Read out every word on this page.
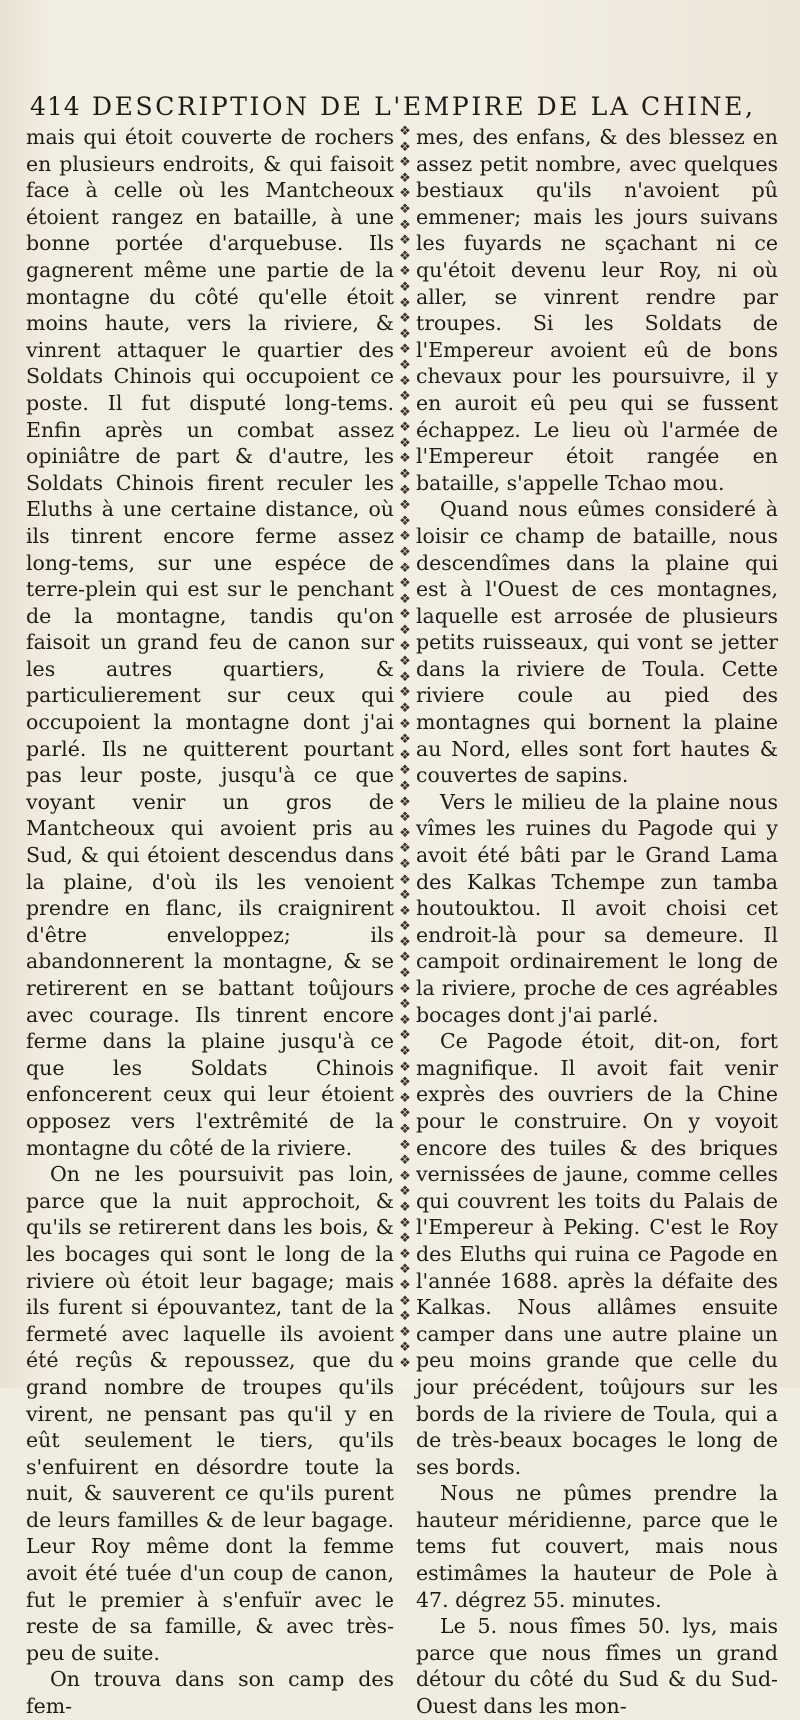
414 DESCRIPTION DE L'EMPIRE DE LA CHINE,

mais qui étoit couverte de rochers en plusieurs endroits, & qui faisoit face à celle où les Mantcheoux étoient rangez en bataille, à une bonne portée d'arquebuse. Ils gagnerent même une partie de la montagne du côté qu'elle étoit moins haute, vers la riviere, & vinrent attaquer le quartier des Soldats Chinois qui occupoient ce poste. Il fut disputé long-tems. Enfin après un combat assez opiniâtre de part & d'autre, les Soldats Chinois firent reculer les Eluths à une certaine distance, où ils tinrent encore ferme assez long-tems, sur une espéce de terre-plein qui est sur le penchant de la montagne, tandis qu'on faisoit un grand feu de canon sur les autres quartiers, & particulierement sur ceux qui occupoient la montagne dont j'ai parlé. Ils ne quitterent pourtant pas leur poste, jusqu'à ce que voyant venir un gros de Mantcheoux qui avoient pris au Sud, & qui étoient descendus dans la plaine, d'où ils les venoient prendre en flanc, ils craignirent d'être enveloppez; ils abandonnerent la montagne, & se retirerent en se battant toûjours avec courage. Ils tinrent encore ferme dans la plaine jusqu'à ce que les Soldats Chinois enfoncerent ceux qui leur étoient opposez vers l'extrêmité de la montagne du côté de la riviere.

On ne les poursuivit pas loin, parce que la nuit approchoit, & qu'ils se retirerent dans les bois, & les bocages qui sont le long de la riviere où étoit leur bagage; mais ils furent si épouvantez, tant de la fermeté avec laquelle ils avoient été reçûs & repoussez, que du grand nombre de troupes qu'ils virent, ne pensant pas qu'il y en eût seulement le tiers, qu'ils s'enfuirent en désordre toute la nuit, & sauverent ce qu'ils purent de leurs familles & de leur bagage. Leur Roy même dont la femme avoit été tuée d'un coup de canon, fut le premier à s'enfuïr avec le reste de sa famille, & avec très-peu de suite.

On trouva dans son camp des fem-

❖
❖
❖
❖
❖
❖
❖
❖
❖
❖
❖
❖
❖
❖
❖
❖
❖
❖
❖
❖
❖
❖
❖
❖
❖
❖
❖
❖
❖
❖
❖
❖
❖
❖
❖
❖
❖
❖
❖
❖
❖
❖
❖
❖
❖
❖
❖
❖
❖
❖
❖
❖
❖
❖
❖
❖
❖
❖
❖
❖
❖
❖
❖
❖
❖
❖
❖
❖
❖
❖
❖
❖
❖
❖
❖
❖
❖
❖
❖
❖

mes, des enfans, & des blessez en assez petit nombre, avec quelques bestiaux qu'ils n'avoient pû emmener; mais les jours suivans les fuyards ne sçachant ni ce qu'étoit devenu leur Roy, ni où aller, se vinrent rendre par troupes. Si les Soldats de l'Empereur avoient eû de bons chevaux pour les poursuivre, il y en auroit eû peu qui se fussent échappez. Le lieu où l'armée de l'Empereur étoit rangée en bataille, s'appelle Tchao mou.

Quand nous eûmes consideré à loisir ce champ de bataille, nous descendîmes dans la plaine qui est à l'Ouest de ces montagnes, laquelle est arrosée de plusieurs petits ruisseaux, qui vont se jetter dans la riviere de Toula. Cette riviere coule au pied des montagnes qui bornent la plaine au Nord, elles sont fort hautes & couvertes de sapins.

Vers le milieu de la plaine nous vîmes les ruines du Pagode qui y avoit été bâti par le Grand Lama des Kalkas Tchempe zun tamba houtouktou. Il avoit choisi cet endroit-là pour sa demeure. Il campoit ordinairement le long de la riviere, proche de ces agréables bocages dont j'ai parlé.

Ce Pagode étoit, dit-on, fort magnifique. Il avoit fait venir exprès des ouvriers de la Chine pour le construire. On y voyoit encore des tuiles & des briques vernissées de jaune, comme celles qui couvrent les toits du Palais de l'Empereur à Peking. C'est le Roy des Eluths qui ruina ce Pagode en l'année 1688. après la défaite des Kalkas. Nous allâmes ensuite camper dans une autre plaine un peu moins grande que celle du jour précédent, toûjours sur les bords de la riviere de Toula, qui a de très-beaux bocages le long de ses bords.

Nous ne pûmes prendre la hauteur méridienne, parce que le tems fut couvert, mais nous estimâmes la hauteur de Pole à 47. dégrez 55. minutes.

Le 5. nous fîmes 50. lys, mais parce que nous fîmes un grand détour du côté du Sud & du Sud-Ouest dans les mon-
